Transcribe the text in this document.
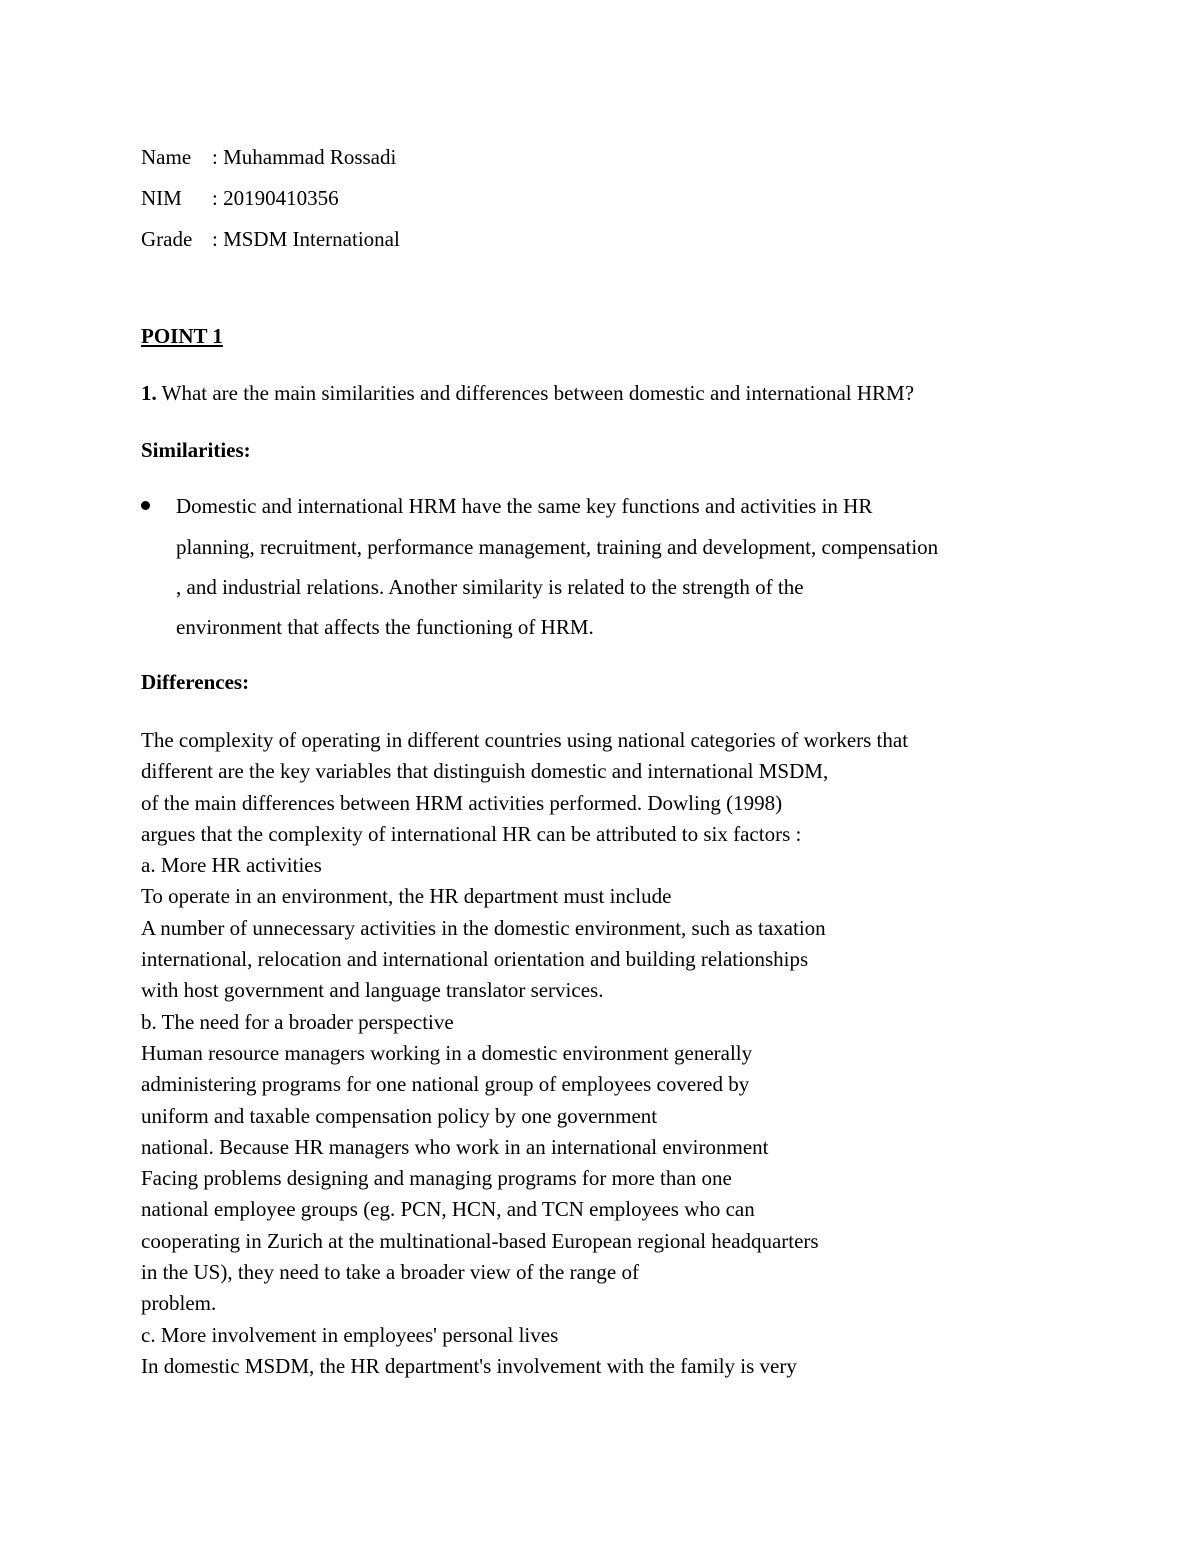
Name : Muhammad Rossadi
NIM : 20190410356
Grade : MSDM International
POINT 1
1. What are the main similarities and differences between domestic and international HRM?
Similarities:
Domestic and international HRM have the same key functions and activities in HR
planning, recruitment, performance management, training and development, compensation
, and industrial relations. Another similarity is related to the strength of the
environment that affects the functioning of HRM.
Differences:
The complexity of operating in different countries using national categories of workers that
different are the key variables that distinguish domestic and international MSDM,
of the main differences between HRM activities performed. Dowling (1998)
argues that the complexity of international HR can be attributed to six factors :
a. More HR activities
To operate in an environment, the HR department must include
A number of unnecessary activities in the domestic environment, such as taxation
international, relocation and international orientation and building relationships
with host government and language translator services.
b. The need for a broader perspective
Human resource managers working in a domestic environment generally
administering programs for one national group of employees covered by
uniform and taxable compensation policy by one government
national. Because HR managers who work in an international environment
Facing problems designing and managing programs for more than one
national employee groups (eg. PCN, HCN, and TCN employees who can
cooperating in Zurich at the multinational-based European regional headquarters
in the US), they need to take a broader view of the range of
problem.
c. More involvement in employees' personal lives
In domestic MSDM, the HR department's involvement with the family is very
